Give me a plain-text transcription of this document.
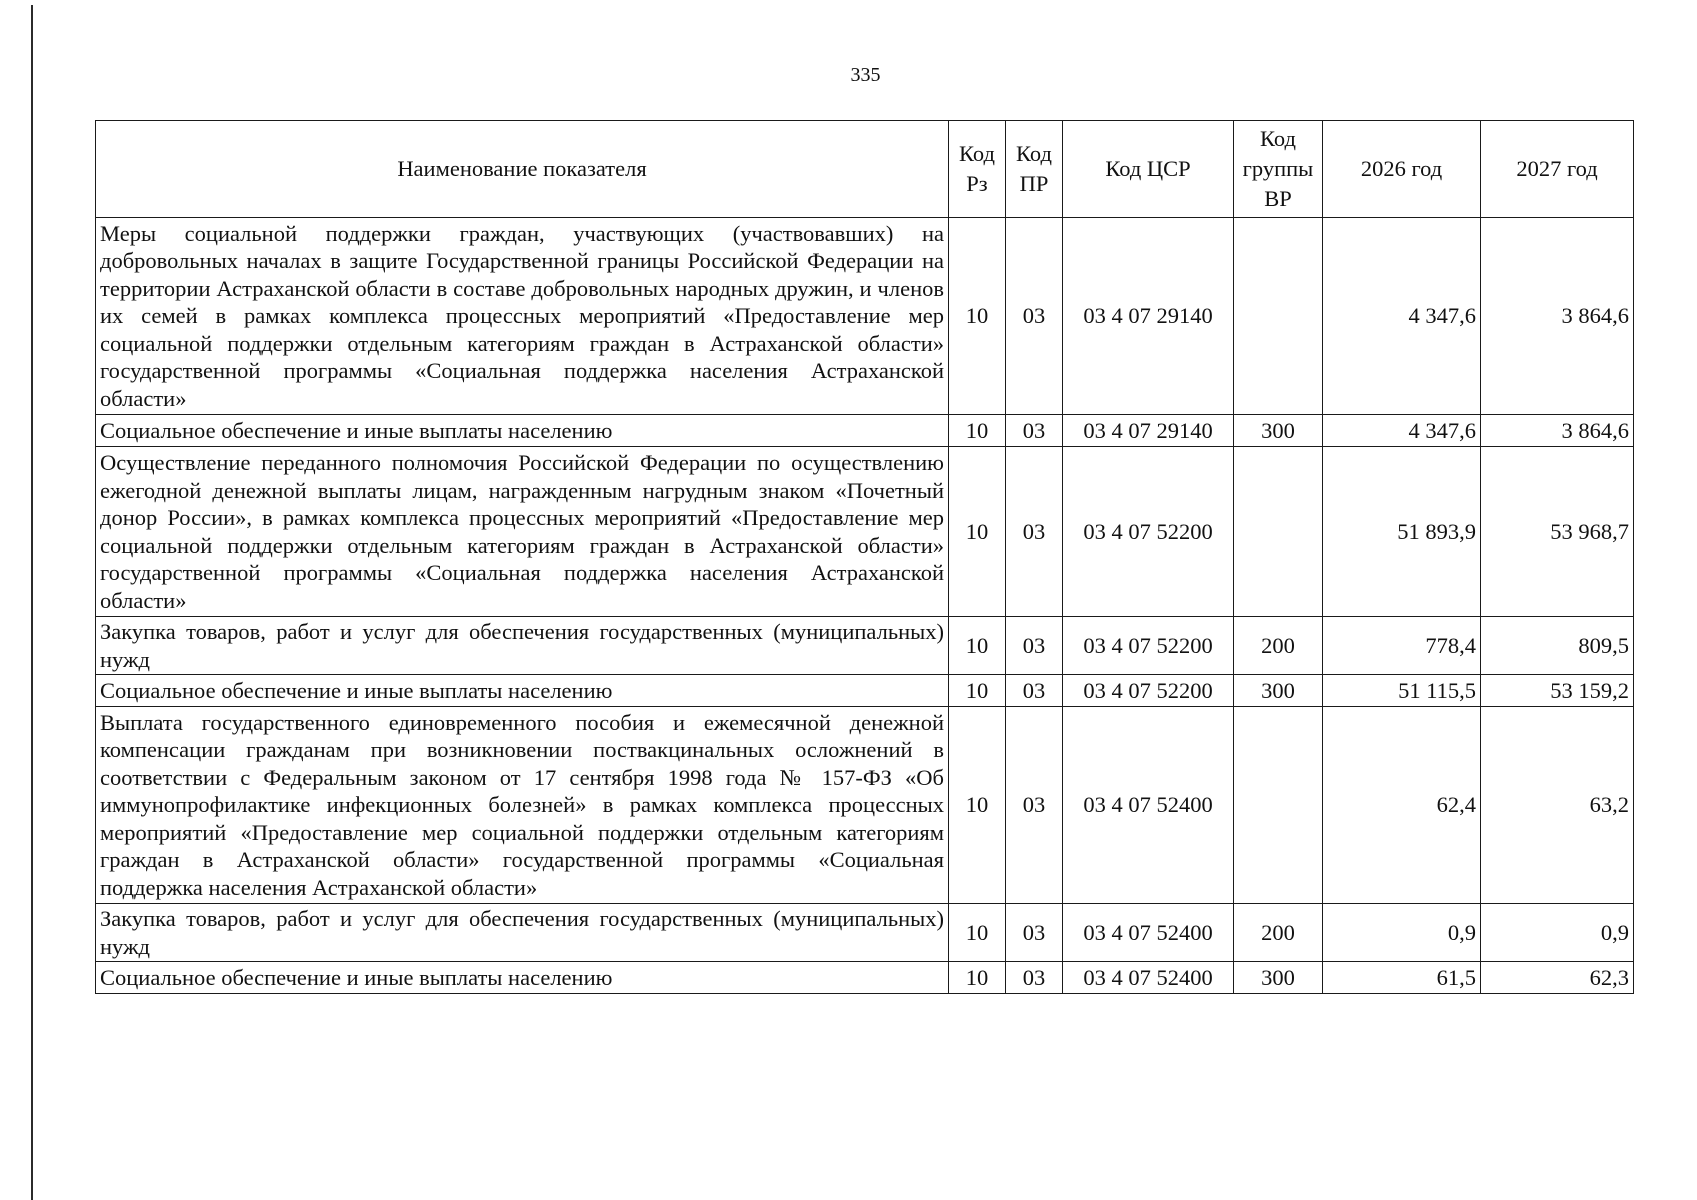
335
Наименование показателя	Код Рз	Код ПР	Код ЦСР	Код группы ВР	2026 год	2027 год
Меры социальной поддержки граждан, участвующих (участвовавших) на добровольных началах в защите Государственной границы Российской Федерации на территории Астраханской области в составе добровольных народных дружин, и членов их семей в рамках комплекса процессных мероприятий «Предоставление мер социальной поддержки отдельным категориям граждан в Астраханской области» государственной программы «Социальная поддержка населения Астраханской области»	10	03	03 4 07 29140		4 347,6	3 864,6
Социальное обеспечение и иные выплаты населению	10	03	03 4 07 29140	300	4 347,6	3 864,6
Осуществление переданного полномочия Российской Федерации по осуществлению ежегодной денежной выплаты лицам, награжденным нагрудным знаком «Почетный донор России», в рамках комплекса процессных мероприятий «Предоставление мер социальной поддержки отдельным категориям граждан в Астраханской области» государственной программы «Социальная поддержка населения Астраханской области»	10	03	03 4 07 52200		51 893,9	53 968,7
Закупка товаров, работ и услуг для обеспечения государственных (муниципальных) нужд	10	03	03 4 07 52200	200	778,4	809,5
Социальное обеспечение и иные выплаты населению	10	03	03 4 07 52200	300	51 115,5	53 159,2
Выплата государственного единовременного пособия и ежемесячной денежной компенсации гражданам при возникновении поствакцинальных осложнений в соответствии с Федеральным законом от 17 сентября 1998 года № 157-ФЗ «Об иммунопрофилактике инфекционных болезней» в рамках комплекса процессных мероприятий «Предоставление мер социальной поддержки отдельным категориям граждан в Астраханской области» государственной программы «Социальная поддержка населения Астраханской области»	10	03	03 4 07 52400		62,4	63,2
Закупка товаров, работ и услуг для обеспечения государственных (муниципальных) нужд	10	03	03 4 07 52400	200	0,9	0,9
Социальное обеспечение и иные выплаты населению	10	03	03 4 07 52400	300	61,5	62,3
